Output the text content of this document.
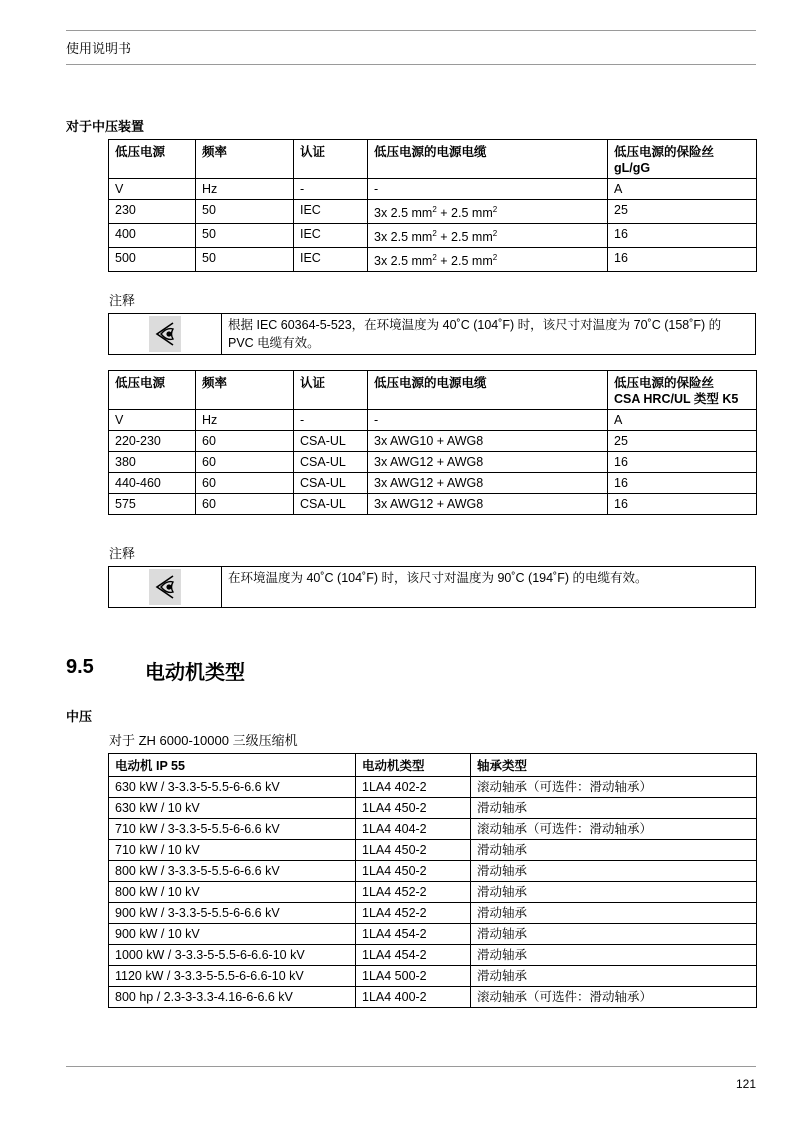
使用说明书
对于中压装置
低压电源	频率	认证	低压电源的电源电缆	低压电源的保险丝
gL/gG
V	Hz	-	-	A
230	50	IEC	3x 2.5 $mm^2 + 2.5$ $mm^2$	25
400	50	IEC	3x 2.5 $mm^2 + 2.5$ $mm^2$	16
500	50	IEC	3x 2.5 $mm^2 + 2.5$ $mm^2$	16
注释
根据 IEC 60364-5-523，在环境温度为 40˚C (104˚F) 时，该尺寸对温度为 70˚C (158˚F) 的 PVC 电缆有效。
低压电源	频率	认证	低压电源的电源电缆	低压电源的保险丝
CSA HRC/UL 类型 K5
V	Hz	-	-	A
220-230	60	CSA-UL	3x AWG10 + AWG8	25
380	60	CSA-UL	3x AWG12 + AWG8	16
440-460	60	CSA-UL	3x AWG12 + AWG8	16
575	60	CSA-UL	3x AWG12 + AWG8	16
注释
在环境温度为 40˚C (104˚F) 时，该尺寸对温度为 90˚C (194˚F) 的电缆有效。
9.5	电动机类型
中压
对于 ZH 6000-10000 三级压缩机
电动机 IP 55	电动机类型	轴承类型
630 kW / 3-3.3-5-5.5-6-6.6 kV	1LA4 402-2	滚动轴承（可选件：滑动轴承）
630 kW / 10 kV	1LA4 450-2	滑动轴承
710 kW / 3-3.3-5-5.5-6-6.6 kV	1LA4 404-2	滚动轴承（可选件：滑动轴承）
710 kW / 10 kV	1LA4 450-2	滑动轴承
800 kW / 3-3.3-5-5.5-6-6.6 kV	1LA4 450-2	滑动轴承
800 kW / 10 kV	1LA4 452-2	滑动轴承
900 kW / 3-3.3-5-5.5-6-6.6 kV	1LA4 452-2	滑动轴承
900 kW / 10 kV	1LA4 454-2	滑动轴承
1000 kW / 3-3.3-5-5.5-6-6.6-10 kV	1LA4 454-2	滑动轴承
1120 kW / 3-3.3-5-5.5-6-6.6-10 kV	1LA4 500-2	滑动轴承
800 hp / 2.3-3-3.3-4.16-6-6.6 kV	1LA4 400-2	滚动轴承（可选件：滑动轴承）
121
